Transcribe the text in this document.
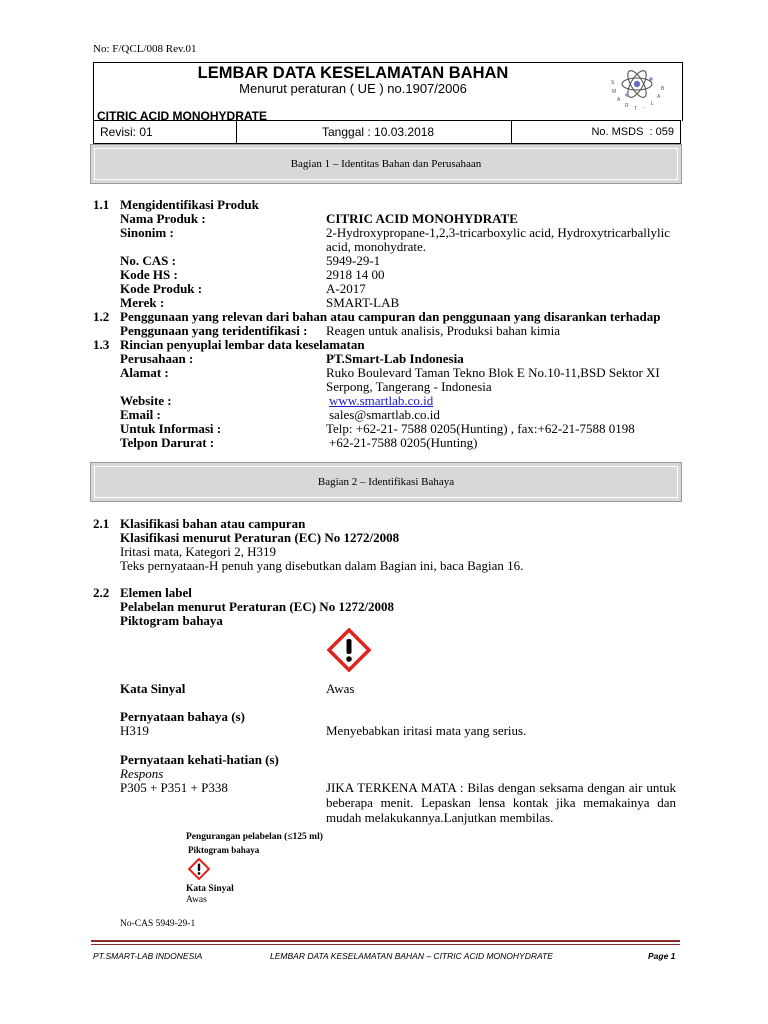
No: F/QCL/008 Rev.01
LEMBAR DATA KESELAMATAN BAHAN
Menurut peraturan ( UE ) no.1907/2006
CITRIC ACID MONOHYDRATE
S
M
A
R T -
L
A
B
Revisi: 01	Tanggal : 10.03.2018	No. MSDS  : 059
Bagian 1 – Identitas Bahan dan Perusahaan
1.1 Mengidentifikasi Produk
Nama Produk :	CITRIC ACID MONOHYDRATE
Sinonim :	2-Hydroxypropane-1,2,3-tricarboxylic acid, Hydroxytricarballylic
acid, monohydrate.
No. CAS :	5949-29-1
Kode HS :	2918 14 00
Kode Produk :	A-2017
Merek :	SMART-LAB
1.2 Penggunaan yang relevan dari bahan atau campuran dan penggunaan yang disarankan terhadap
Penggunaan yang teridentifikasi : Reagen untuk analisis, Produksi bahan kimia
1.3 Rincian penyuplai lembar data keselamatan
Perusahaan :	PT.Smart-Lab Indonesia
Alamat :	Ruko Boulevard Taman Tekno Blok E No.10-11,BSD Sektor XI
Serpong, Tangerang - Indonesia
Website :	www.smartlab.co.id
Email :	sales@smartlab.co.id
Untuk Informasi :	Telp: +62-21- 7588 0205(Hunting) , fax:+62-21-7588 0198
Telpon Darurat :	+62-21-7588 0205(Hunting)
Bagian 2 – Identifikasi Bahaya
2.1 Klasifikasi bahan atau campuran
Klasifikasi menurut Peraturan (EC) No 1272/2008
Iritasi mata, Kategori 2, H319
Teks pernyataan-H penuh yang disebutkan dalam Bagian ini, baca Bagian 16.
2.2 Elemen label
Pelabelan menurut Peraturan (EC) No 1272/2008
Piktogram bahaya
Kata Sinyal	Awas
Pernyataan bahaya (s)
H319	Menyebabkan iritasi mata yang serius.
Pernyataan kehati-hatian (s)
Respons
P305 + P351 + P338	JIKA TERKENA MATA : Bilas dengan seksama dengan air untuk beberapa menit. Lepaskan lensa kontak jika memakainya dan mudah melakukannya.Lanjutkan membilas.
Pengurangan pelabelan (≤125 ml)
Piktogram bahaya
Kata Sinyal
Awas
No-CAS 5949-29-1
PT.SMART-LAB INDONESIA	LEMBAR DATA KESELAMATAN BAHAN – CITRIC ACID MONOHYDRATE	Page 1
